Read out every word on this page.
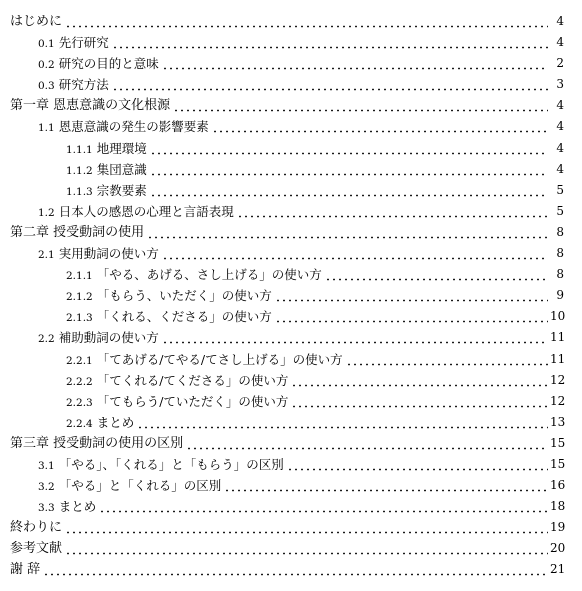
はじめに	4
0.1 先行研究	4
0.2 研究の目的と意味	2
0.3 研究方法	3
第一章 恩恵意識の文化根源	4
1.1 恩恵意識の発生の影響要素	4
1.1.1 地理環境	4
1.1.2 集団意識	4
1.1.3 宗教要素	5
1.2 日本人の感恩の心理と言語表現	5
第二章 授受動詞の使用	8
2.1 実用動詞の使い方	8
2.1.1 「やる、あげる、さし上げる」の使い方	8
2.1.2 「もらう、いただく」の使い方	9
2.1.3 「くれる、くださる」の使い方	10
2.2 補助動詞の使い方	11
2.2.1 「てあげる/てやる/てさし上げる」の使い方	11
2.2.2 「てくれる/てくださる」の使い方	12
2.2.3 「てもらう/ていただく」の使い方	12
2.2.4 まとめ	13
第三章 授受動詞の使用の区別	15
3.1 「やる」、「くれる」と「もらう」の区別	15
3.2 「やる」と「くれる」の区別	16
3.3 まとめ	18
終わりに	19
参考文献	20
謝 辞	21
